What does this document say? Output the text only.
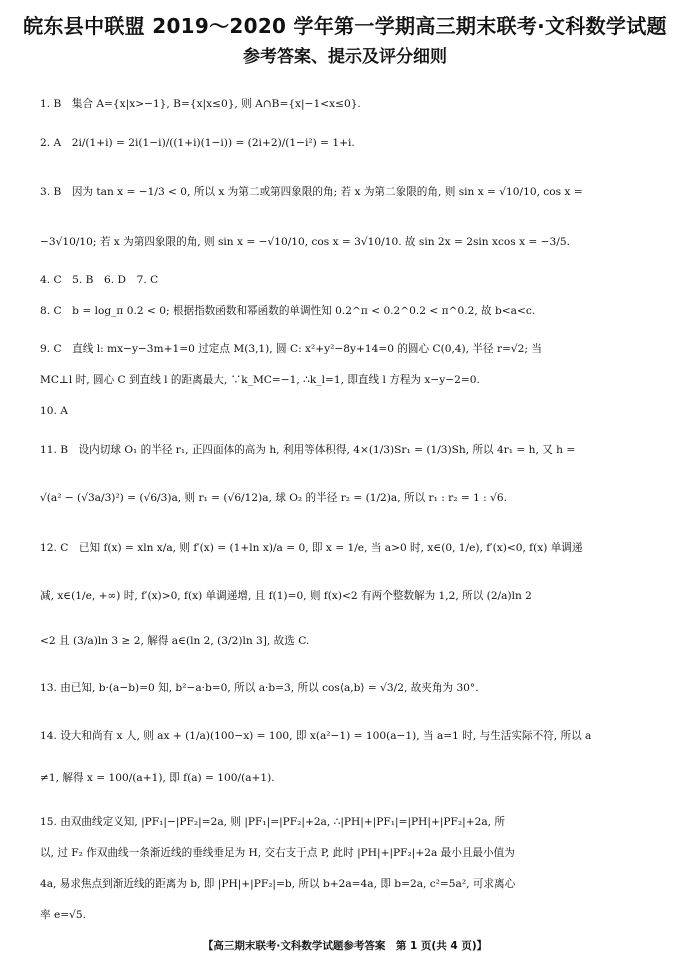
皖东县中联盟 2019～2020 学年第一学期高三期末联考·文科数学试题
参考答案、提示及评分细则
1. B　集合 A={x|x>−1}, B={x|x≤0}, 则 A∩B={x|−1<x≤0}.
2. A　2i/(1+i) = 2i(1−i)/((1+i)(1−i)) = (2i+2)/(1−i²) = 1+i.
3. B　因为 tan x = −1/3 < 0, 所以 x 为第二或第四象限的角; 若 x 为第二象限的角, 则 sin x = √10/10, cos x =
−3√10/10; 若 x 为第四象限的角, 则 sin x = −√10/10, cos x = 3√10/10. 故 sin 2x = 2sin xcos x = −3/5.
4. C　5. B　6. D　7. C
8. C　b = log_π 0.2 < 0; 根据指数函数和幂函数的单调性知 0.2^π < 0.2^0.2 < π^0.2, 故 b<a<c.
9. C　直线 l: mx−y−3m+1=0 过定点 M(3,1), 圆 C: x²+y²−8y+14=0 的圆心 C(0,4), 半径 r=√2; 当
MC⊥l 时, 圆心 C 到直线 l 的距离最大, ∵k_MC=−1, ∴k_l=1, 即直线 l 方程为 x−y−2=0.
10. A
11. B　设内切球 O₁ 的半径 r₁, 正四面体的高为 h, 利用等体积得, 4×(1/3)Sr₁ = (1/3)Sh, 所以 4r₁ = h, 又 h =
√(a² − (√3a/3)²) = (√6/3)a, 则 r₁ = (√6/12)a, 球 O₂ 的半径 r₂ = (1/2)a, 所以 r₁ : r₂ = 1 : √6.
12. C　已知 f(x) = xln x/a, 则 f′(x) = (1+ln x)/a = 0, 即 x = 1/e, 当 a>0 时, x∈(0, 1/e), f′(x)<0, f(x) 单调递
减, x∈(1/e, +∞) 时, f′(x)>0, f(x) 单调递增, 且 f(1)=0, 则 f(x)<2 有两个整数解为 1,2, 所以 (2/a)ln 2
<2 且 (3/a)ln 3 ≥ 2, 解得 a∈(ln 2, (3/2)ln 3], 故选 C.
13. 由已知, b·(a−b)=0 知, b²−a·b=0, 所以 a·b=3, 所以 cos⟨a,b⟩ = √3/2, 故夹角为 30°.
14. 设大和尚有 x 人, 则 ax + (1/a)(100−x) = 100, 即 x(a²−1) = 100(a−1), 当 a=1 时, 与生活实际不符, 所以 a
≠1, 解得 x = 100/(a+1), 即 f(a) = 100/(a+1).
15. 由双曲线定义知, |PF₁|−|PF₂|=2a, 则 |PF₁|=|PF₂|+2a, ∴|PH|+|PF₁|=|PH|+|PF₂|+2a, 所
以, 过 F₂ 作双曲线一条渐近线的垂线垂足为 H, 交右支于点 P, 此时 |PH|+|PF₂|+2a 最小且最小值为
4a, 易求焦点到渐近线的距离为 b, 即 |PH|+|PF₂|=b, 所以 b+2a=4a, 即 b=2a, c²=5a², 可求离心
率 e=√5.
【高三期末联考·文科数学试题参考答案　第 1 页(共 4 页)】
